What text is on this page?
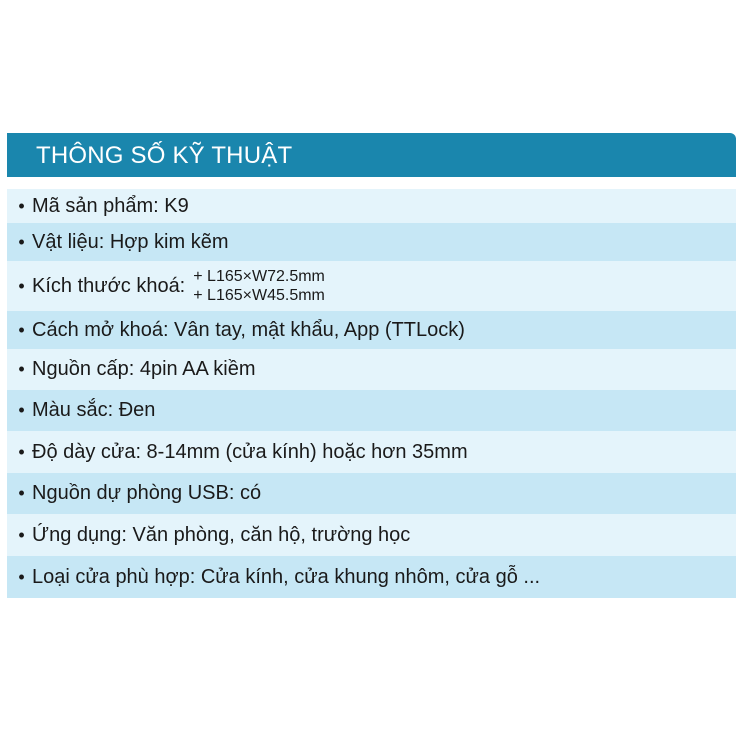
THÔNG SỐ KỸ THUẬT
• Mã sản phẩm: K9
• Vật liệu: Hợp kim kẽm
• Kích thước khoá: + L165×W72.5mm
+ L165×W45.5mm
• Cách mở khoá: Vân tay, mật khẩu, App (TTLock)
• Nguồn cấp: 4pin AA kiềm
• Màu sắc: Đen
• Độ dày cửa: 8-14mm (cửa kính) hoặc hơn 35mm
• Nguồn dự phòng USB: có
• Ứng dụng: Văn phòng, căn hộ, trường học
• Loại cửa phù hợp: Cửa kính, cửa khung nhôm, cửa gỗ ...
